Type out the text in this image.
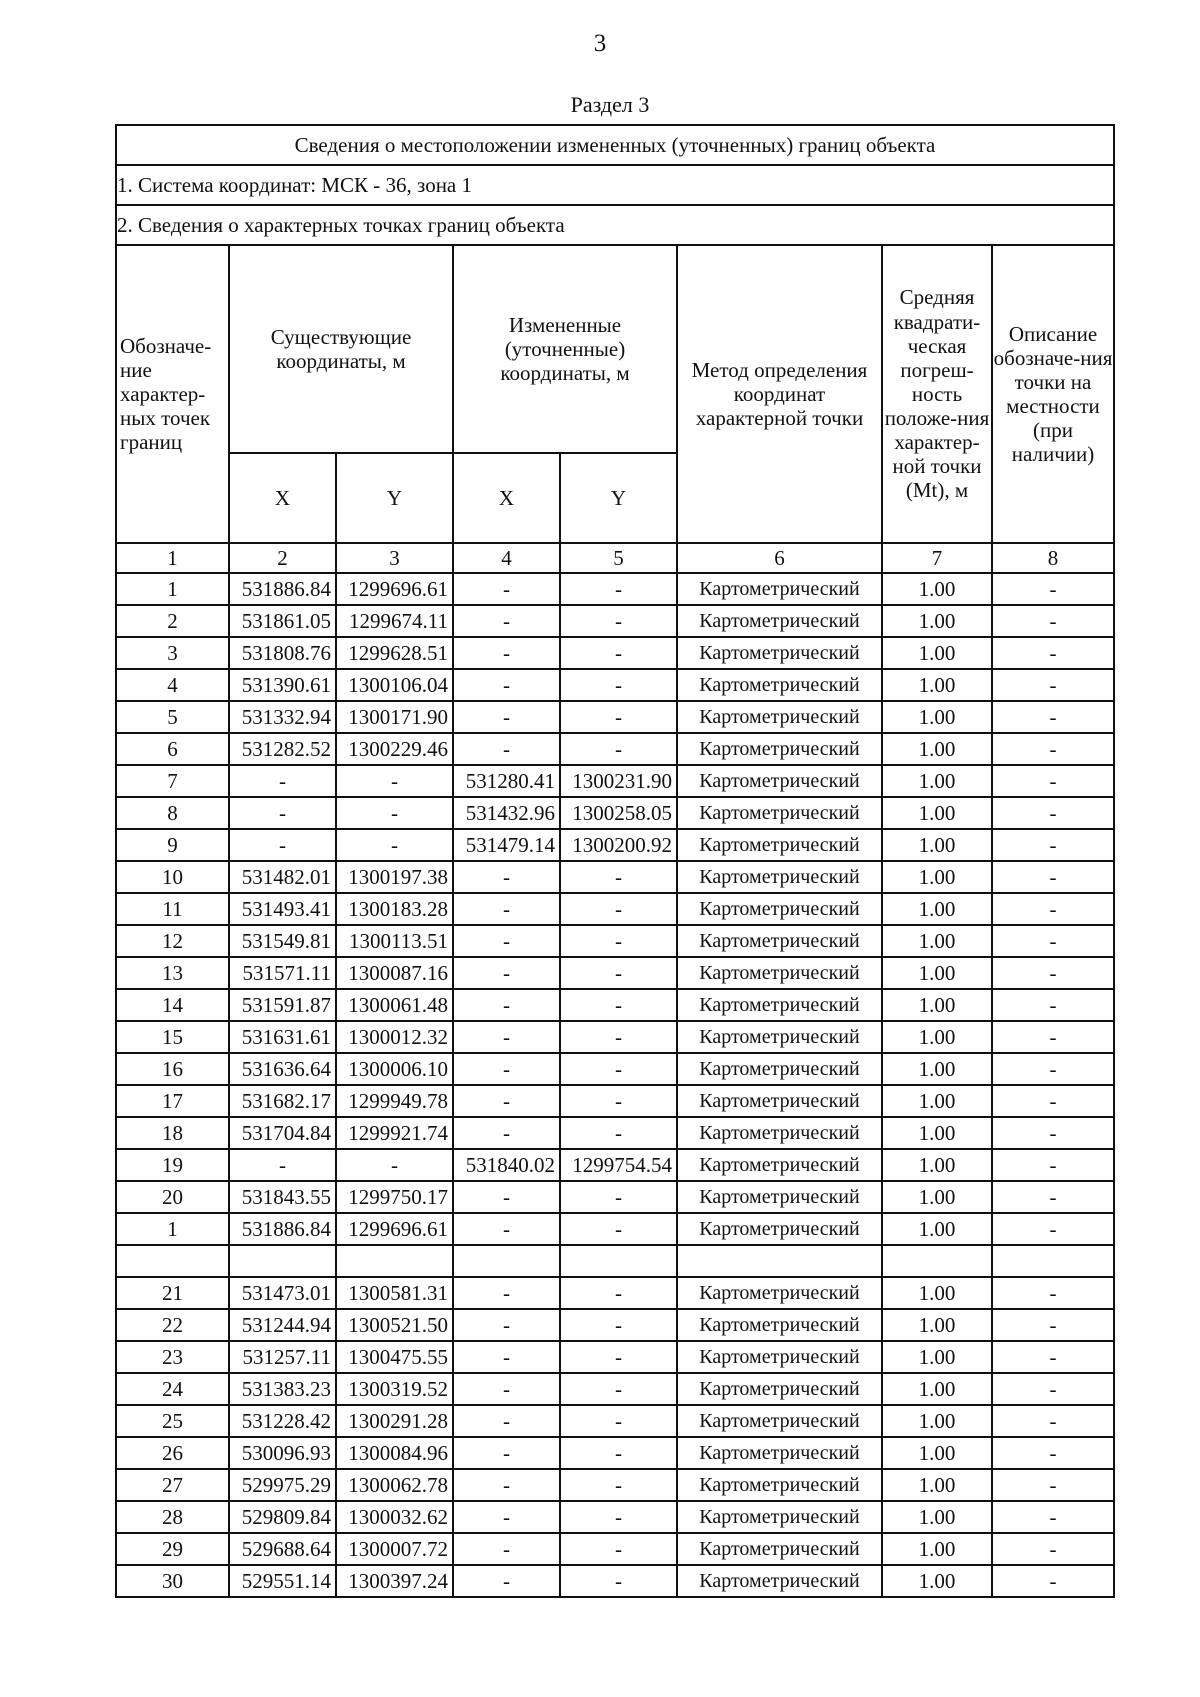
3
Раздел 3
Сведения о местоположении измененных (уточненных) границ объекта							
1. Система координат: МСК - 36, зона 1							
2. Сведения о характерных точках границ объекта							
Обозначе-ние характер-ных точек границ	Существующие координаты, м		Измененные (уточненные) координаты, м		Метод определения координат характерной точки	Средняя квадрати-ческая погреш-ность положе-ния характер-ной точки (Mt), м	Описание обозначе-ния точки на местности (при наличии)
	X	Y	X	Y			
1	2	3	4	5	6	7	8
1	531886.84	1299696.61	-	-	Картометрический	1.00	-
2	531861.05	1299674.11	-	-	Картометрический	1.00	-
3	531808.76	1299628.51	-	-	Картометрический	1.00	-
4	531390.61	1300106.04	-	-	Картометрический	1.00	-
5	531332.94	1300171.90	-	-	Картометрический	1.00	-
6	531282.52	1300229.46	-	-	Картометрический	1.00	-
7	-	-	531280.41	1300231.90	Картометрический	1.00	-
8	-	-	531432.96	1300258.05	Картометрический	1.00	-
9	-	-	531479.14	1300200.92	Картометрический	1.00	-
10	531482.01	1300197.38	-	-	Картометрический	1.00	-
11	531493.41	1300183.28	-	-	Картометрический	1.00	-
12	531549.81	1300113.51	-	-	Картометрический	1.00	-
13	531571.11	1300087.16	-	-	Картометрический	1.00	-
14	531591.87	1300061.48	-	-	Картометрический	1.00	-
15	531631.61	1300012.32	-	-	Картометрический	1.00	-
16	531636.64	1300006.10	-	-	Картометрический	1.00	-
17	531682.17	1299949.78	-	-	Картометрический	1.00	-
18	531704.84	1299921.74	-	-	Картометрический	1.00	-
19	-	-	531840.02	1299754.54	Картометрический	1.00	-
20	531843.55	1299750.17	-	-	Картометрический	1.00	-
1	531886.84	1299696.61	-	-	Картометрический	1.00	-

21	531473.01	1300581.31	-	-	Картометрический	1.00	-
22	531244.94	1300521.50	-	-	Картометрический	1.00	-
23	531257.11	1300475.55	-	-	Картометрический	1.00	-
24	531383.23	1300319.52	-	-	Картометрический	1.00	-
25	531228.42	1300291.28	-	-	Картометрический	1.00	-
26	530096.93	1300084.96	-	-	Картометрический	1.00	-
27	529975.29	1300062.78	-	-	Картометрический	1.00	-
28	529809.84	1300032.62	-	-	Картометрический	1.00	-
29	529688.64	1300007.72	-	-	Картометрический	1.00	-
30	529551.14	1300397.24	-	-	Картометрический	1.00	-
